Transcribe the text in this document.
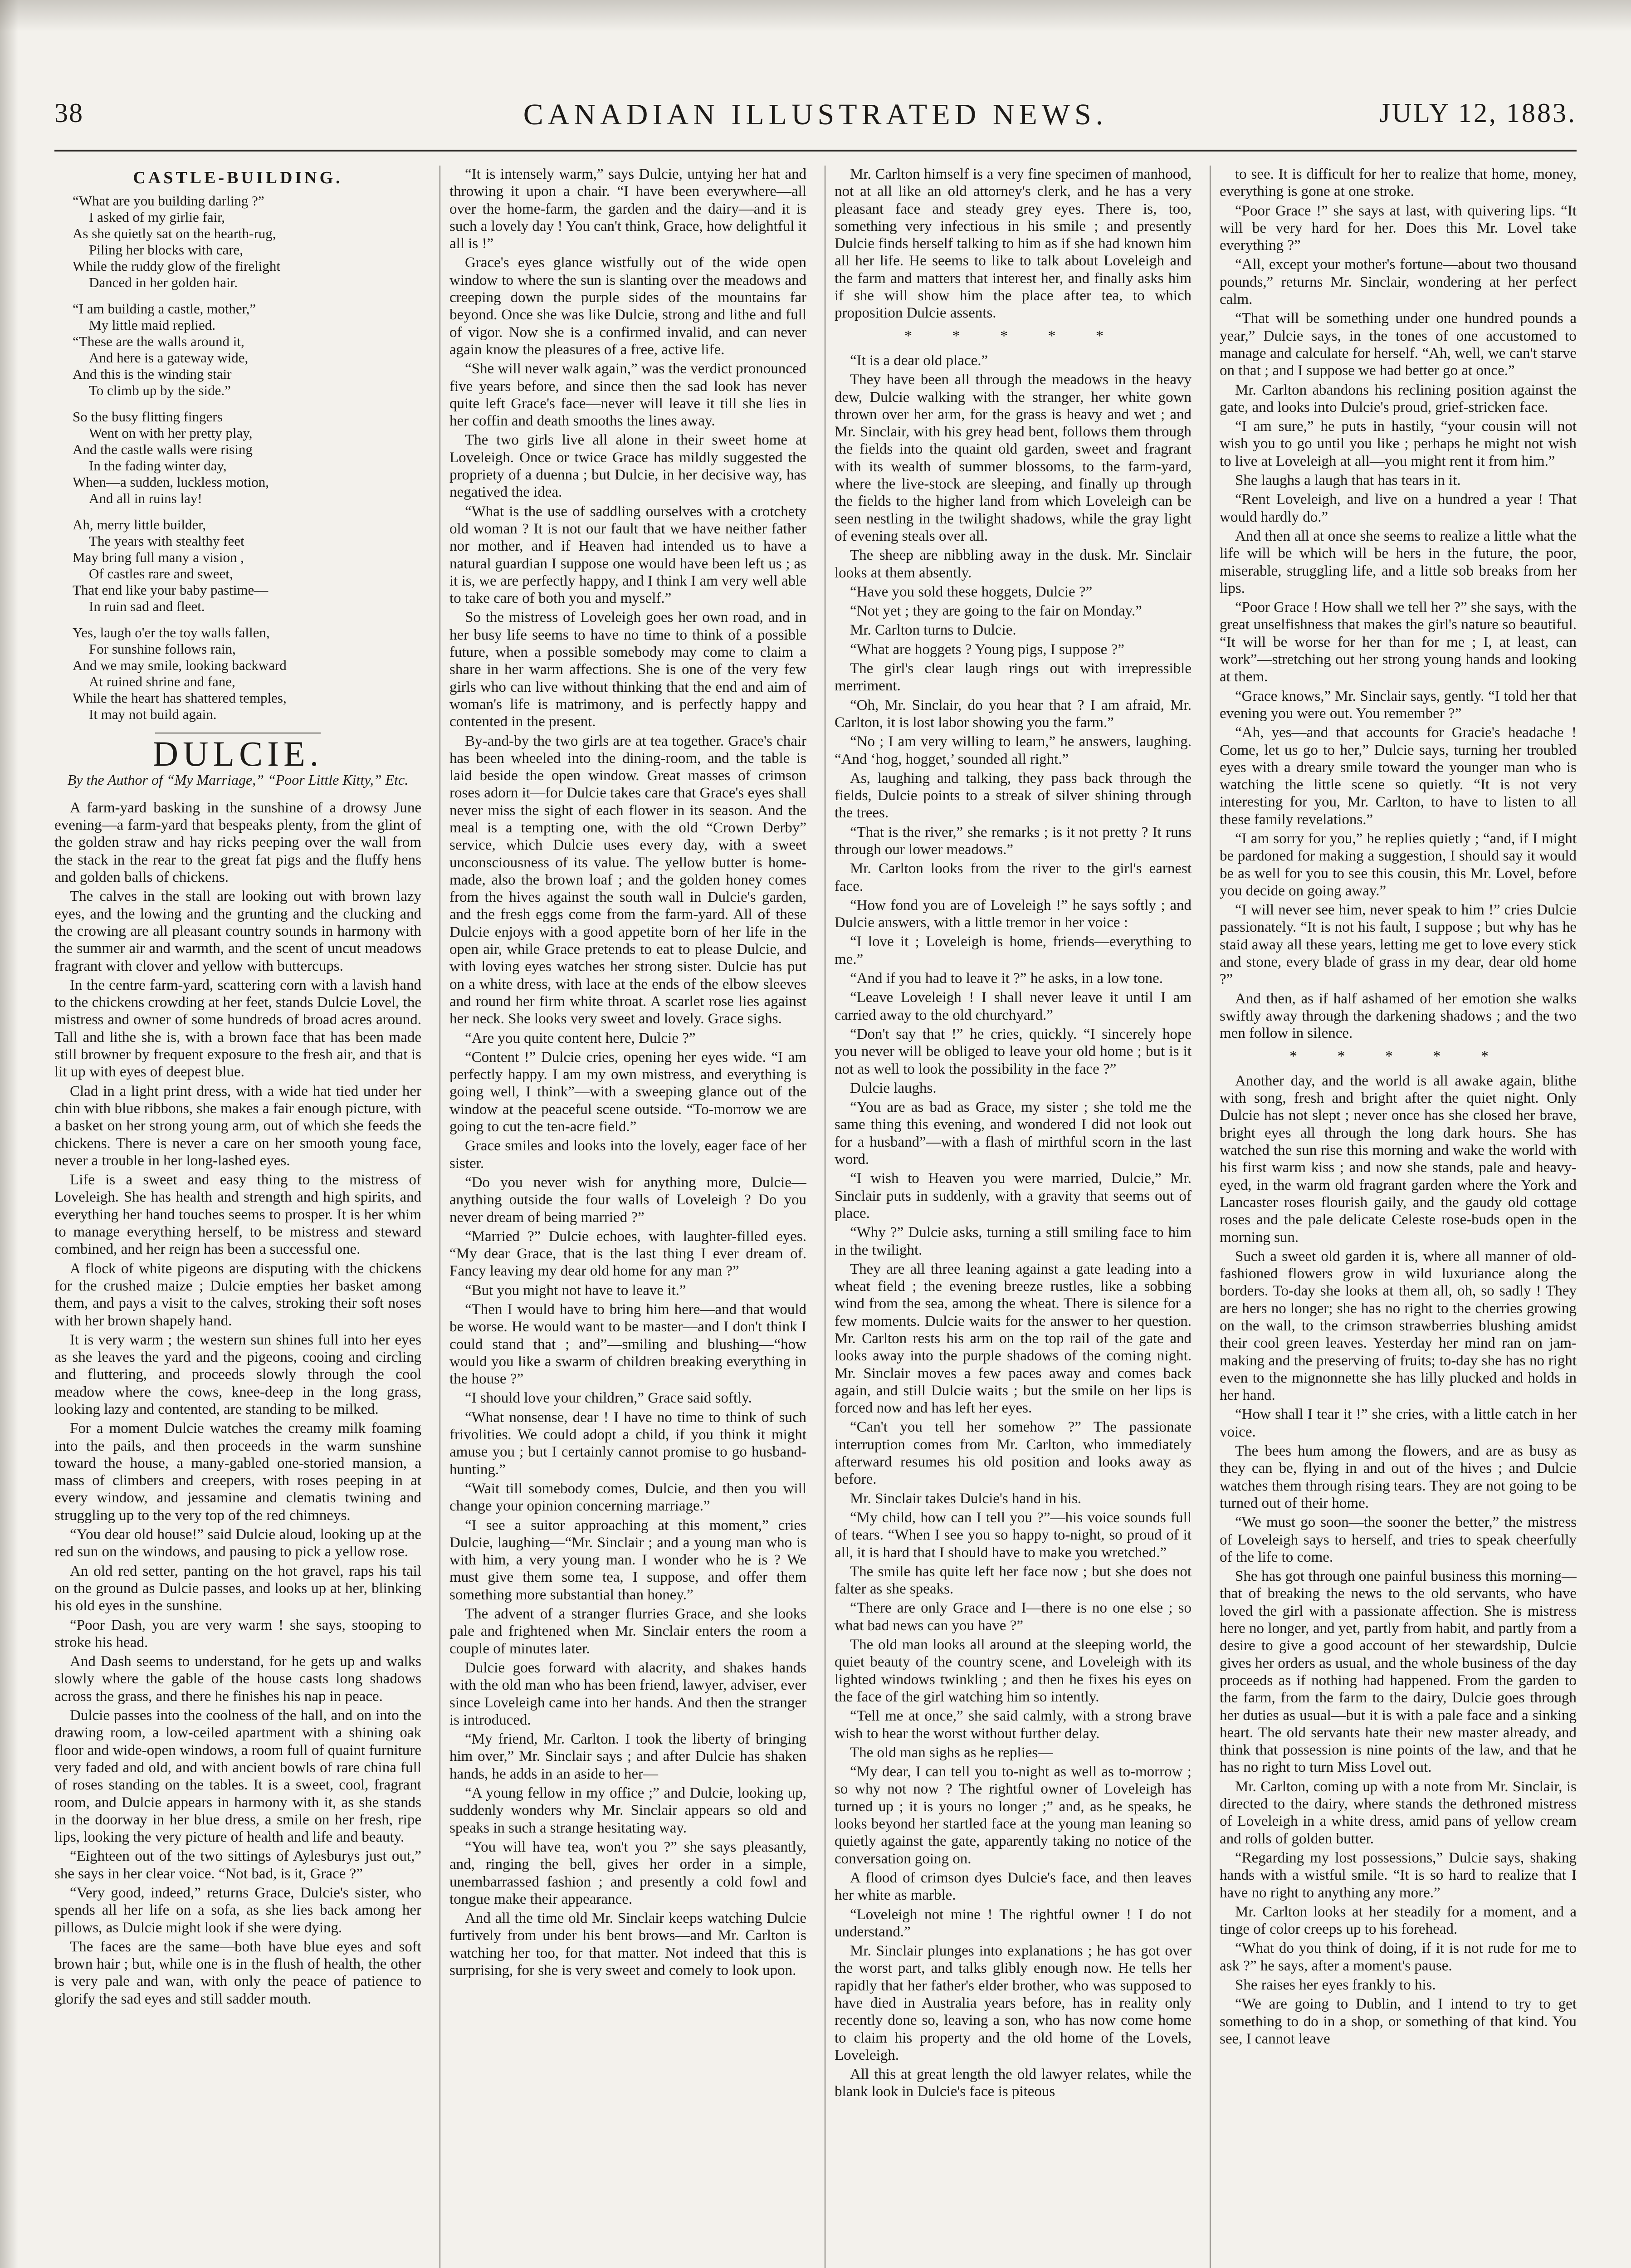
38	CANADIAN ILLUSTRATED NEWS.	JULY 12, 1883.
CASTLE-BUILDING.
“What are you building darling ?”
I asked of my girlie fair,
As she quietly sat on the hearth-rug,
Piling her blocks with care,
While the ruddy glow of the firelight
Danced in her golden hair.
“I am building a castle, mother,”
My little maid replied.
“These are the walls around it,
And here is a gateway wide,
And this is the winding stair
To climb up by the side.”
So the busy flitting fingers
Went on with her pretty play,
And the castle walls were rising
In the fading winter day,
When—a sudden, luckless motion,
And all in ruins lay!
Ah, merry little builder,
The years with stealthy feet
May bring full many a vision ,
Of castles rare and sweet,
That end like your baby pastime—
In ruin sad and fleet.
Yes, laugh o'er the toy walls fallen,
For sunshine follows rain,
And we may smile, looking backward
At ruined shrine and fane,
While the heart has shattered temples,
It may not build again.
DULCIE.
By the Author of “My Marriage,” “Poor Little Kitty,” Etc.

A farm-yard basking in the sunshine of a drowsy June evening—a farm-yard that bespeaks plenty, from the glint of the golden straw and hay ricks peeping over the wall from the stack in the rear to the great fat pigs and the fluffy hens and golden balls of chickens.

The calves in the stall are looking out with brown lazy eyes, and the lowing and the grunting and the clucking and the crowing are all pleasant country sounds in harmony with the summer air and warmth, and the scent of uncut meadows fragrant with clover and yellow with buttercups.

In the centre farm-yard, scattering corn with a lavish hand to the chickens crowding at her feet, stands Dulcie Lovel, the mistress and owner of some hundreds of broad acres around. Tall and lithe she is, with a brown face that has been made still browner by frequent exposure to the fresh air, and that is lit up with eyes of deepest blue.

Clad in a light print dress, with a wide hat tied under her chin with blue ribbons, she makes a fair enough picture, with a basket on her strong young arm, out of which she feeds the chickens. There is never a care on her smooth young face, never a trouble in her long-lashed eyes.

Life is a sweet and easy thing to the mistress of Loveleigh. She has health and strength and high spirits, and everything her hand touches seems to prosper. It is her whim to manage everything herself, to be mistress and steward combined, and her reign has been a successful one.

A flock of white pigeons are disputing with the chickens for the crushed maize ; Dulcie empties her basket among them, and pays a visit to the calves, stroking their soft noses with her brown shapely hand.

It is very warm ; the western sun shines full into her eyes as she leaves the yard and the pigeons, cooing and circling and fluttering, and proceeds slowly through the cool meadow where the cows, knee-deep in the long grass, looking lazy and contented, are standing to be milked.

For a moment Dulcie watches the creamy milk foaming into the pails, and then proceeds in the warm sunshine toward the house, a many-gabled one-storied mansion, a mass of climbers and creepers, with roses peeping in at every window, and jessamine and clematis twining and struggling up to the very top of the red chimneys.

“You dear old house!” said Dulcie aloud, looking up at the red sun on the windows, and pausing to pick a yellow rose.

An old red setter, panting on the hot gravel, raps his tail on the ground as Dulcie passes, and looks up at her, blinking his old eyes in the sunshine.

“Poor Dash, you are very warm ! she says, stooping to stroke his head.

And Dash seems to understand, for he gets up and walks slowly where the gable of the house casts long shadows across the grass, and there he finishes his nap in peace.

Dulcie passes into the coolness of the hall, and on into the drawing room, a low-ceiled apartment with a shining oak floor and wide-open windows, a room full of quaint furniture very faded and old, and with ancient bowls of rare china full of roses standing on the tables. It is a sweet, cool, fragrant room, and Dulcie appears in harmony with it, as she stands in the doorway in her blue dress, a smile on her fresh, ripe lips, looking the very picture of health and life and beauty.

“Eighteen out of the two sittings of Aylesburys just out,” she says in her clear voice. “Not bad, is it, Grace ?”

“Very good, indeed,” returns Grace, Dulcie's sister, who spends all her life on a sofa, as she lies back among her pillows, as Dulcie might look if she were dying.

The faces are the same—both have blue eyes and soft brown hair ; but, while one is in the flush of health, the other is very pale and wan, with only the peace of patience to glorify the sad eyes and still sadder mouth.

“It is intensely warm,” says Dulcie, untying her hat and throwing it upon a chair. “I have been everywhere—all over the home-farm, the garden and the dairy—and it is such a lovely day ! You can't think, Grace, how delightful it all is !”

Grace's eyes glance wistfully out of the wide open window to where the sun is slanting over the meadows and creeping down the purple sides of the mountains far beyond. Once she was like Dulcie, strong and lithe and full of vigor. Now she is a confirmed invalid, and can never again know the pleasures of a free, active life.

“She will never walk again,” was the verdict pronounced five years before, and since then the sad look has never quite left Grace's face—never will leave it till she lies in her coffin and death smooths the lines away.

The two girls live all alone in their sweet home at Loveleigh. Once or twice Grace has mildly suggested the propriety of a duenna ; but Dulcie, in her decisive way, has negatived the idea.

“What is the use of saddling ourselves with a crotchety old woman ? It is not our fault that we have neither father nor mother, and if Heaven had intended us to have a natural guardian I suppose one would have been left us ; as it is, we are perfectly happy, and I think I am very well able to take care of both you and myself.”

So the mistress of Loveleigh goes her own road, and in her busy life seems to have no time to think of a possible future, when a possible somebody may come to claim a share in her warm affections. She is one of the very few girls who can live without thinking that the end and aim of woman's life is matrimony, and is perfectly happy and contented in the present.

By-and-by the two girls are at tea together. Grace's chair has been wheeled into the dining-room, and the table is laid beside the open window. Great masses of crimson roses adorn it—for Dulcie takes care that Grace's eyes shall never miss the sight of each flower in its season. And the meal is a tempting one, with the old “Crown Derby” service, which Dulcie uses every day, with a sweet unconsciousness of its value. The yellow butter is home-made, also the brown loaf ; and the golden honey comes from the hives against the south wall in Dulcie's garden, and the fresh eggs come from the farm-yard. All of these Dulcie enjoys with a good appetite born of her life in the open air, while Grace pretends to eat to please Dulcie, and with loving eyes watches her strong sister. Dulcie has put on a white dress, with lace at the ends of the elbow sleeves and round her firm white throat. A scarlet rose lies against her neck. She looks very sweet and lovely. Grace sighs.

“Are you quite content here, Dulcie ?”

“Content !” Dulcie cries, opening her eyes wide. “I am perfectly happy. I am my own mistress, and everything is going well, I think”—with a sweeping glance out of the window at the peaceful scene outside. “To-morrow we are going to cut the ten-acre field.”

Grace smiles and looks into the lovely, eager face of her sister.

“Do you never wish for anything more, Dulcie—anything outside the four walls of Loveleigh ? Do you never dream of being married ?”

“Married ?” Dulcie echoes, with laughter-filled eyes. “My dear Grace, that is the last thing I ever dream of. Fancy leaving my dear old home for any man ?”

“But you might not have to leave it.”

“Then I would have to bring him here—and that would be worse. He would want to be master—and I don't think I could stand that ; and”—smiling and blushing—“how would you like a swarm of children breaking everything in the house ?”

“I should love your children,” Grace said softly.

“What nonsense, dear ! I have no time to think of such frivolities. We could adopt a child, if you think it might amuse you ; but I certainly cannot promise to go husband-hunting.”

“Wait till somebody comes, Dulcie, and then you will change your opinion concerning marriage.”

“I see a suitor approaching at this moment,” cries Dulcie, laughing—“Mr. Sinclair ; and a young man who is with him, a very young man. I wonder who he is ? We must give them some tea, I suppose, and offer them something more substantial than honey.”

The advent of a stranger flurries Grace, and she looks pale and frightened when Mr. Sinclair enters the room a couple of minutes later.

Dulcie goes forward with alacrity, and shakes hands with the old man who has been friend, lawyer, adviser, ever since Loveleigh came into her hands. And then the stranger is introduced.

“My friend, Mr. Carlton. I took the liberty of bringing him over,” Mr. Sinclair says ; and after Dulcie has shaken hands, he adds in an aside to her—

“A young fellow in my office ;” and Dulcie, looking up, suddenly wonders why Mr. Sinclair appears so old and speaks in such a strange hesitating way.

“You will have tea, won't you ?” she says pleasantly, and, ringing the bell, gives her order in a simple, unembarrassed fashion ; and presently a cold fowl and tongue make their appearance.

And all the time old Mr. Sinclair keeps watching Dulcie furtively from under his bent brows—and Mr. Carlton is watching her too, for that matter. Not indeed that this is surprising, for she is very sweet and comely to look upon.

Mr. Carlton himself is a very fine specimen of manhood, not at all like an old attorney's clerk, and he has a very pleasant face and steady grey eyes. There is, too, something very infectious in his smile ; and presently Dulcie finds herself talking to him as if she had known him all her life. He seems to like to talk about Loveleigh and the farm and matters that interest her, and finally asks him if she will show him the place after tea, to which proposition Dulcie assents.

* * * * *

“It is a dear old place.”

They have been all through the meadows in the heavy dew, Dulcie walking with the stranger, her white gown thrown over her arm, for the grass is heavy and wet ; and Mr. Sinclair, with his grey head bent, follows them through the fields into the quaint old garden, sweet and fragrant with its wealth of summer blossoms, to the farm-yard, where the live-stock are sleeping, and finally up through the fields to the higher land from which Loveleigh can be seen nestling in the twilight shadows, while the gray light of evening steals over all.

The sheep are nibbling away in the dusk. Mr. Sinclair looks at them absently.

“Have you sold these hoggets, Dulcie ?”

“Not yet ; they are going to the fair on Monday.”

Mr. Carlton turns to Dulcie.

“What are hoggets ? Young pigs, I suppose ?”

The girl's clear laugh rings out with irrepressible merriment.

“Oh, Mr. Sinclair, do you hear that ? I am afraid, Mr. Carlton, it is lost labor showing you the farm.”

“No ; I am very willing to learn,” he answers, laughing. “And ‘hog, hogget,’ sounded all right.”

As, laughing and talking, they pass back through the fields, Dulcie points to a streak of silver shining through the trees.

“That is the river,” she remarks ; is it not pretty ? It runs through our lower meadows.”

Mr. Carlton looks from the river to the girl's earnest face.

“How fond you are of Loveleigh !” he says softly ; and Dulcie answers, with a little tremor in her voice :

“I love it ; Loveleigh is home, friends—everything to me.”

“And if you had to leave it ?” he asks, in a low tone.

“Leave Loveleigh ! I shall never leave it until I am carried away to the old churchyard.”

“Don't say that !” he cries, quickly. “I sincerely hope you never will be obliged to leave your old home ; but is it not as well to look the possibility in the face ?”

Dulcie laughs.

“You are as bad as Grace, my sister ; she told me the same thing this evening, and wondered I did not look out for a husband”—with a flash of mirthful scorn in the last word.

“I wish to Heaven you were married, Dulcie,” Mr. Sinclair puts in suddenly, with a gravity that seems out of place.

“Why ?” Dulcie asks, turning a still smiling face to him in the twilight.

They are all three leaning against a gate leading into a wheat field ; the evening breeze rustles, like a sobbing wind from the sea, among the wheat. There is silence for a few moments. Dulcie waits for the answer to her question. Mr. Carlton rests his arm on the top rail of the gate and looks away into the purple shadows of the coming night. Mr. Sinclair moves a few paces away and comes back again, and still Dulcie waits ; but the smile on her lips is forced now and has left her eyes.

“Can't you tell her somehow ?” The passionate interruption comes from Mr. Carlton, who immediately afterward resumes his old position and looks away as before.

Mr. Sinclair takes Dulcie's hand in his.

“My child, how can I tell you ?”—his voice sounds full of tears. “When I see you so happy to-night, so proud of it all, it is hard that I should have to make you wretched.”

The smile has quite left her face now ; but she does not falter as she speaks.

“There are only Grace and I—there is no one else ; so what bad news can you have ?”

The old man looks all around at the sleeping world, the quiet beauty of the country scene, and Loveleigh with its lighted windows twinkling ; and then he fixes his eyes on the face of the girl watching him so intently.

“Tell me at once,” she said calmly, with a strong brave wish to hear the worst without further delay.

The old man sighs as he replies—

“My dear, I can tell you to-night as well as to-morrow ; so why not now ? The rightful owner of Loveleigh has turned up ; it is yours no longer ;” and, as he speaks, he looks beyond her startled face at the young man leaning so quietly against the gate, apparently taking no notice of the conversation going on.

A flood of crimson dyes Dulcie's face, and then leaves her white as marble.

“Loveleigh not mine ! The rightful owner ! I do not understand.”

Mr. Sinclair plunges into explanations ; he has got over the worst part, and talks glibly enough now. He tells her rapidly that her father's elder brother, who was supposed to have died in Australia years before, has in reality only recently done so, leaving a son, who has now come home to claim his property and the old home of the Lovels, Loveleigh.

All this at great length the old lawyer relates, while the blank look in Dulcie's face is piteous

to see. It is difficult for her to realize that home, money, everything is gone at one stroke.

“Poor Grace !” she says at last, with quivering lips. “It will be very hard for her. Does this Mr. Lovel take everything ?”

“All, except your mother's fortune—about two thousand pounds,” returns Mr. Sinclair, wondering at her perfect calm.

“That will be something under one hundred pounds a year,” Dulcie says, in the tones of one accustomed to manage and calculate for herself. “Ah, well, we can't starve on that ; and I suppose we had better go at once.”

Mr. Carlton abandons his reclining position against the gate, and looks into Dulcie's proud, grief-stricken face.

“I am sure,” he puts in hastily, “your cousin will not wish you to go until you like ; perhaps he might not wish to live at Loveleigh at all—you might rent it from him.”

She laughs a laugh that has tears in it.

“Rent Loveleigh, and live on a hundred a year ! That would hardly do.”

And then all at once she seems to realize a little what the life will be which will be hers in the future, the poor, miserable, struggling life, and a little sob breaks from her lips.

“Poor Grace ! How shall we tell her ?” she says, with the great unselfishness that makes the girl's nature so beautiful. “It will be worse for her than for me ; I, at least, can work”—stretching out her strong young hands and looking at them.

“Grace knows,” Mr. Sinclair says, gently. “I told her that evening you were out. You remember ?”

“Ah, yes—and that accounts for Gracie's headache ! Come, let us go to her,” Dulcie says, turning her troubled eyes with a dreary smile toward the younger man who is watching the little scene so quietly. “It is not very interesting for you, Mr. Carlton, to have to listen to all these family revelations.”

“I am sorry for you,” he replies quietly ; “and, if I might be pardoned for making a suggestion, I should say it would be as well for you to see this cousin, this Mr. Lovel, before you decide on going away.”

“I will never see him, never speak to him !” cries Dulcie passionately. “It is not his fault, I suppose ; but why has he staid away all these years, letting me get to love every stick and stone, every blade of grass in my dear, dear old home ?”

And then, as if half ashamed of her emotion she walks swiftly away through the darkening shadows ; and the two men follow in silence.

* * * * *

Another day, and the world is all awake again, blithe with song, fresh and bright after the quiet night. Only Dulcie has not slept ; never once has she closed her brave, bright eyes all through the long dark hours. She has watched the sun rise this morning and wake the world with his first warm kiss ; and now she stands, pale and heavy-eyed, in the warm old fragrant garden where the York and Lancaster roses flourish gaily, and the gaudy old cottage roses and the pale delicate Celeste rose-buds open in the morning sun.

Such a sweet old garden it is, where all manner of old-fashioned flowers grow in wild luxuriance along the borders. To-day she looks at them all, oh, so sadly ! They are hers no longer; she has no right to the cherries growing on the wall, to the crimson strawberries blushing amidst their cool green leaves. Yesterday her mind ran on jam-making and the preserving of fruits; to-day she has no right even to the mignonnette she has lilly plucked and holds in her hand.

“How shall I tear it !” she cries, with a little catch in her voice.

The bees hum among the flowers, and are as busy as they can be, flying in and out of the hives ; and Dulcie watches them through rising tears. They are not going to be turned out of their home.

“We must go soon—the sooner the better,” the mistress of Loveleigh says to herself, and tries to speak cheerfully of the life to come.

She has got through one painful business this morning—that of breaking the news to the old servants, who have loved the girl with a passionate affection. She is mistress here no longer, and yet, partly from habit, and partly from a desire to give a good account of her stewardship, Dulcie gives her orders as usual, and the whole business of the day proceeds as if nothing had happened. From the garden to the farm, from the farm to the dairy, Dulcie goes through her duties as usual—but it is with a pale face and a sinking heart. The old servants hate their new master already, and think that possession is nine points of the law, and that he has no right to turn Miss Lovel out.

Mr. Carlton, coming up with a note from Mr. Sinclair, is directed to the dairy, where stands the dethroned mistress of Loveleigh in a white dress, amid pans of yellow cream and rolls of golden butter.

“Regarding my lost possessions,” Dulcie says, shaking hands with a wistful smile. “It is so hard to realize that I have no right to anything any more.”

Mr. Carlton looks at her steadily for a moment, and a tinge of color creeps up to his forehead.

“What do you think of doing, if it is not rude for me to ask ?” he says, after a moment's pause.

She raises her eyes frankly to his.

“We are going to Dublin, and I intend to try to get something to do in a shop, or something of that kind. You see, I cannot leave
